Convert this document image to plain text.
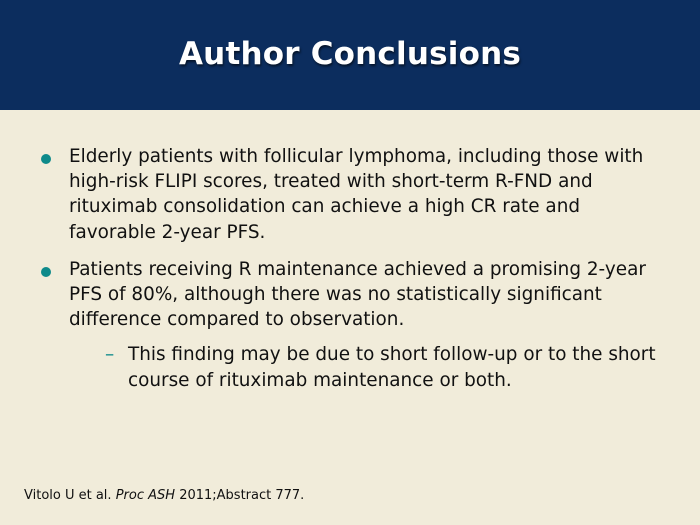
Author Conclusions
Elderly patients with follicular lymphoma, including those with high-risk FLIPI scores, treated with short-term R-FND and rituximab consolidation can achieve a high CR rate and favorable 2-year PFS.
Patients receiving R maintenance achieved a promising 2-year PFS of 80%, although there was no statistically significant difference compared to observation.
– This finding may be due to short follow-up or to the short course of rituximab maintenance or both.
Vitolo U et al. Proc ASH 2011;Abstract 777.
